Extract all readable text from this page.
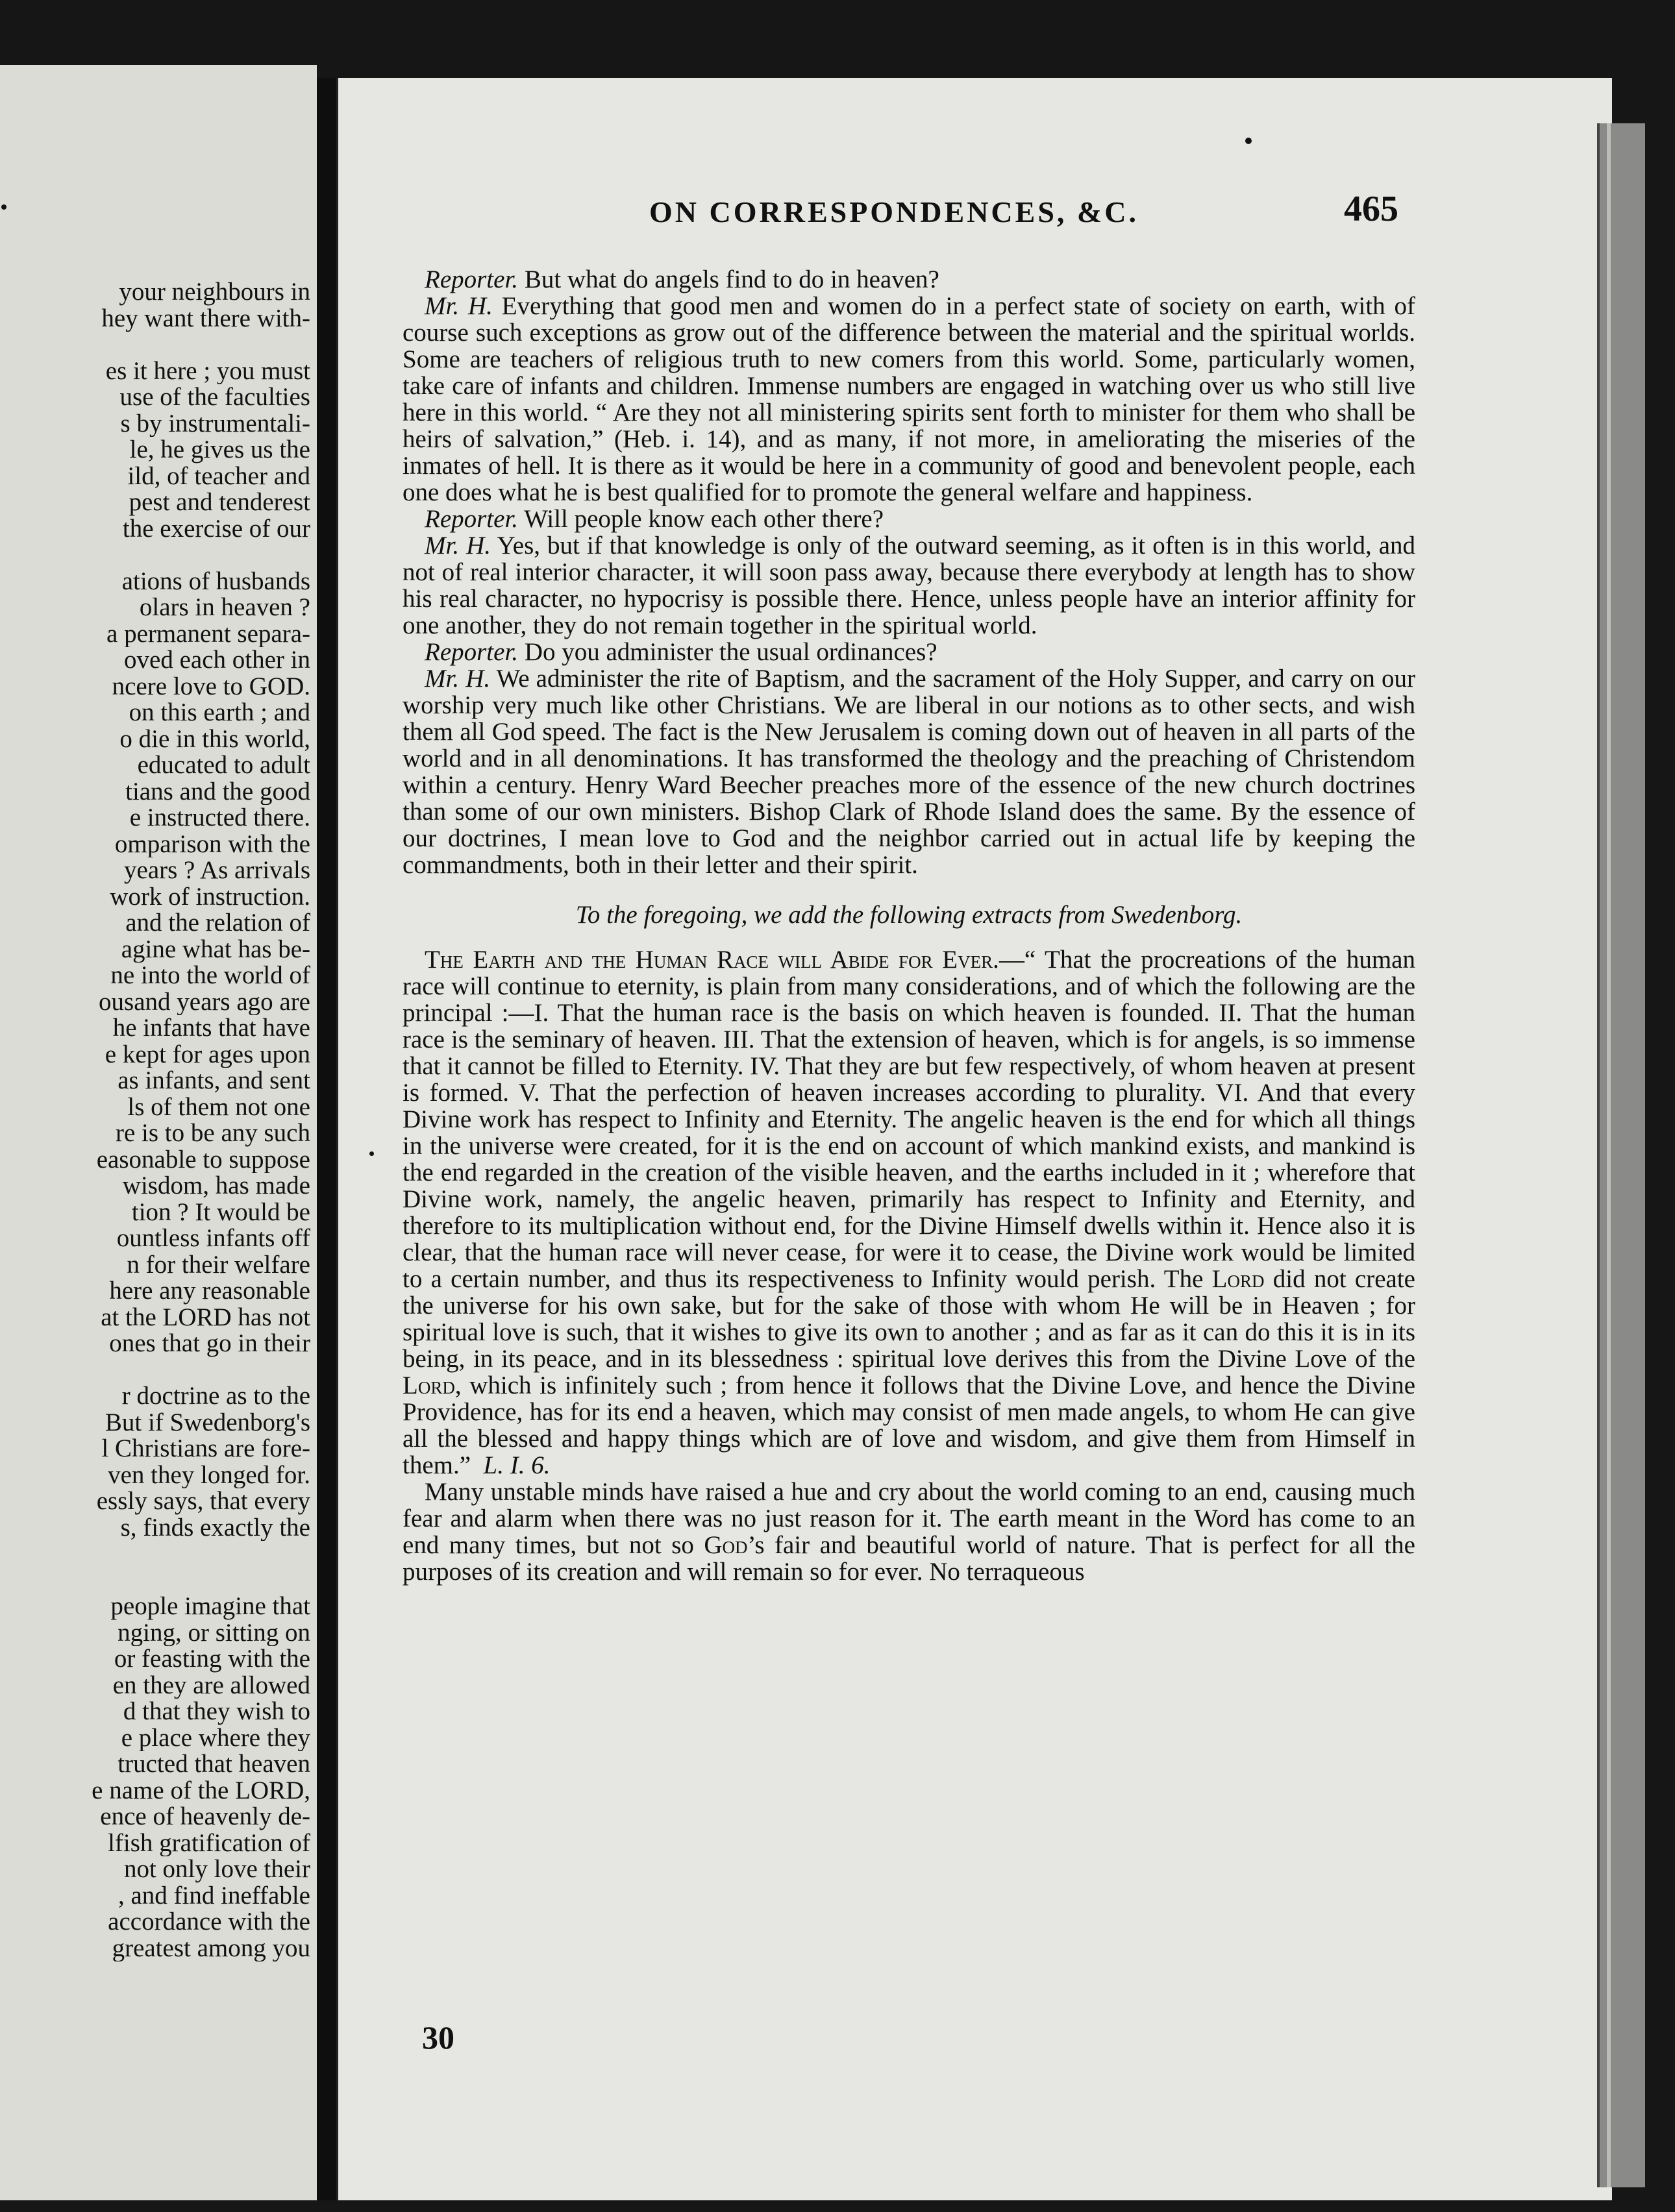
your neighbours in
hey want there with-
es it here ; you must
use of the faculties
s by instrumentali-
le, he gives us the
ild, of teacher and
pest and tenderest
the exercise of our
ations of husbands
olars in heaven ?
a permanent separa-
oved each other in
ncere love to GOD.
on this earth ; and
o die in this world,
educated to adult
tians and the good
e instructed there.
omparison with the
years ? As arrivals
work of instruction.
and the relation of
agine what has be-
ne into the world of
ousand years ago are
he infants that have
e kept for ages upon
as infants, and sent
ls of them not one
re is to be any such
easonable to suppose
wisdom, has made
tion ? It would be
ountless infants off
n for their welfare
here any reasonable
at the LORD has not
ones that go in their
r doctrine as to the
But if Swedenborg's
l Christians are fore-
ven they longed for.
essly says, that every
s, finds exactly the
people imagine that
nging, or sitting on
or feasting with the
en they are allowed
d that they wish to
e place where they
tructed that heaven
e name of the LORD,
ence of heavenly de-
lfish gratification of
not only love their
, and find ineffable
accordance with the
greatest among you
ON CORRESPONDENCES, &C.	465

Reporter. But what do angels find to do in heaven?

Mr. H. Everything that good men and women do in a perfect state of society on earth, with of course such exceptions as grow out of the difference between the material and the spiritual worlds. Some are teachers of religious truth to new comers from this world. Some, particularly women, take care of infants and children. Immense numbers are engaged in watching over us who still live here in this world. “ Are they not all ministering spirits sent forth to minister for them who shall be heirs of salvation,” (Heb. i. 14), and as many, if not more, in ameliorating the miseries of the inmates of hell. It is there as it would be here in a community of good and benevolent people, each one does what he is best qualified for to promote the general welfare and happiness.

Reporter. Will people know each other there?

Mr. H. Yes, but if that knowledge is only of the outward seeming, as it often is in this world, and not of real interior character, it will soon pass away, because there everybody at length has to show his real character, no hypocrisy is possible there. Hence, unless people have an interior affinity for one another, they do not remain together in the spiritual world.

Reporter. Do you administer the usual ordinances?

Mr. H. We administer the rite of Baptism, and the sacrament of the Holy Supper, and carry on our worship very much like other Christians. We are liberal in our notions as to other sects, and wish them all God speed. The fact is the New Jerusalem is coming down out of heaven in all parts of the world and in all denominations. It has transformed the theology and the preaching of Christendom within a century. Henry Ward Beecher preaches more of the essence of the new church doctrines than some of our own ministers. Bishop Clark of Rhode Island does the same. By the essence of our doctrines, I mean love to God and the neighbor carried out in actual life by keeping the commandments, both in their letter and their spirit.

To the foregoing, we add the following extracts from Swedenborg.

The Earth and the Human Race will Abide for Ever.—“ That the procreations of the human race will continue to eternity, is plain from many considerations, and of which the following are the principal :—I. That the human race is the basis on which heaven is founded. II. That the human race is the seminary of heaven. III. That the extension of heaven, which is for angels, is so immense that it cannot be filled to Eternity. IV. That they are but few respectively, of whom heaven at present is formed. V. That the perfection of heaven increases according to plurality. VI. And that every Divine work has respect to Infinity and Eternity. The angelic heaven is the end for which all things in the universe were created, for it is the end on account of which mankind exists, and mankind is the end regarded in the creation of the visible heaven, and the earths included in it ; wherefore that Divine work, namely, the angelic heaven, primarily has respect to Infinity and Eternity, and therefore to its multiplication without end, for the Divine Himself dwells within it. Hence also it is clear, that the human race will never cease, for were it to cease, the Divine work would be limited to a certain number, and thus its respectiveness to Infinity would perish. The Lord did not create the universe for his own sake, but for the sake of those with whom He will be in Heaven ; for spiritual love is such, that it wishes to give its own to another ; and as far as it can do this it is in its being, in its peace, and in its blessedness : spiritual love derives this from the Divine Love of the Lord, which is infinitely such ; from hence it follows that the Divine Love, and hence the Divine Providence, has for its end a heaven, which may consist of men made angels, to whom He can give all the blessed and happy things which are of love and wisdom, and give them from Himself in them.” L. I. 6.

Many unstable minds have raised a hue and cry about the world coming to an end, causing much fear and alarm when there was no just reason for it. The earth meant in the Word has come to an end many times, but not so God’s fair and beautiful world of nature. That is perfect for all the purposes of its creation and will remain so for ever. No terraqueous

30
